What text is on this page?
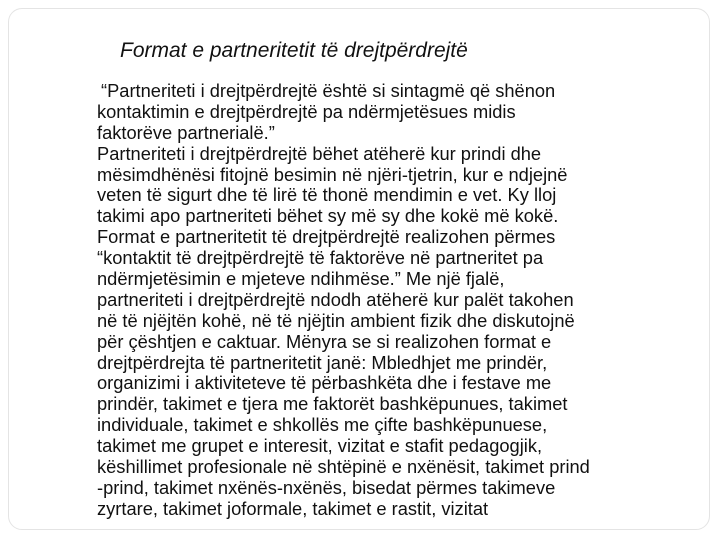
Format e partneritetit të drejtpërdrejtë
“Partneriteti i drejtpërdrejtë është si sintagmë që shënon
kontaktimin e drejtpërdrejtë pa ndërmjetësues midis
faktorëve partnerialë.”
Partneriteti i drejtpërdrejtë bëhet atëherë kur prindi dhe
mësimdhënësi fitojnë besimin në njëri-tjetrin, kur e ndjejnë
veten të sigurt dhe të lirë të thonë mendimin e vet. Ky lloj
takimi apo partneriteti bëhet sy më sy dhe kokë më kokë.
Format e partneritetit të drejtpërdrejtë realizohen përmes
“kontaktit të drejtpërdrejtë të faktorëve në partneritet pa
ndërmjetësimin e mjeteve ndihmëse.” Me një fjalë,
partneriteti i drejtpërdrejtë ndodh atëherë kur palët takohen
në të njëjtën kohë, në të njëjtin ambient fizik dhe diskutojnë
për çështjen e caktuar. Mënyra se si realizohen format e
drejtpërdrejta të partneritetit janë: Mbledhjet me prindër,
organizimi i aktiviteteve të përbashkëta dhe i festave me
prindër, takimet e tjera me faktorët bashkëpunues, takimet
individuale, takimet e shkollës me çifte bashkëpunuese,
takimet me grupet e interesit, vizitat e stafit pedagogjik,
këshillimet profesionale në shtëpinë e nxënësit, takimet prind
-prind, takimet nxënës-nxënës, bisedat përmes takimeve
zyrtare, takimet joformale, takimet e rastit, vizitat
